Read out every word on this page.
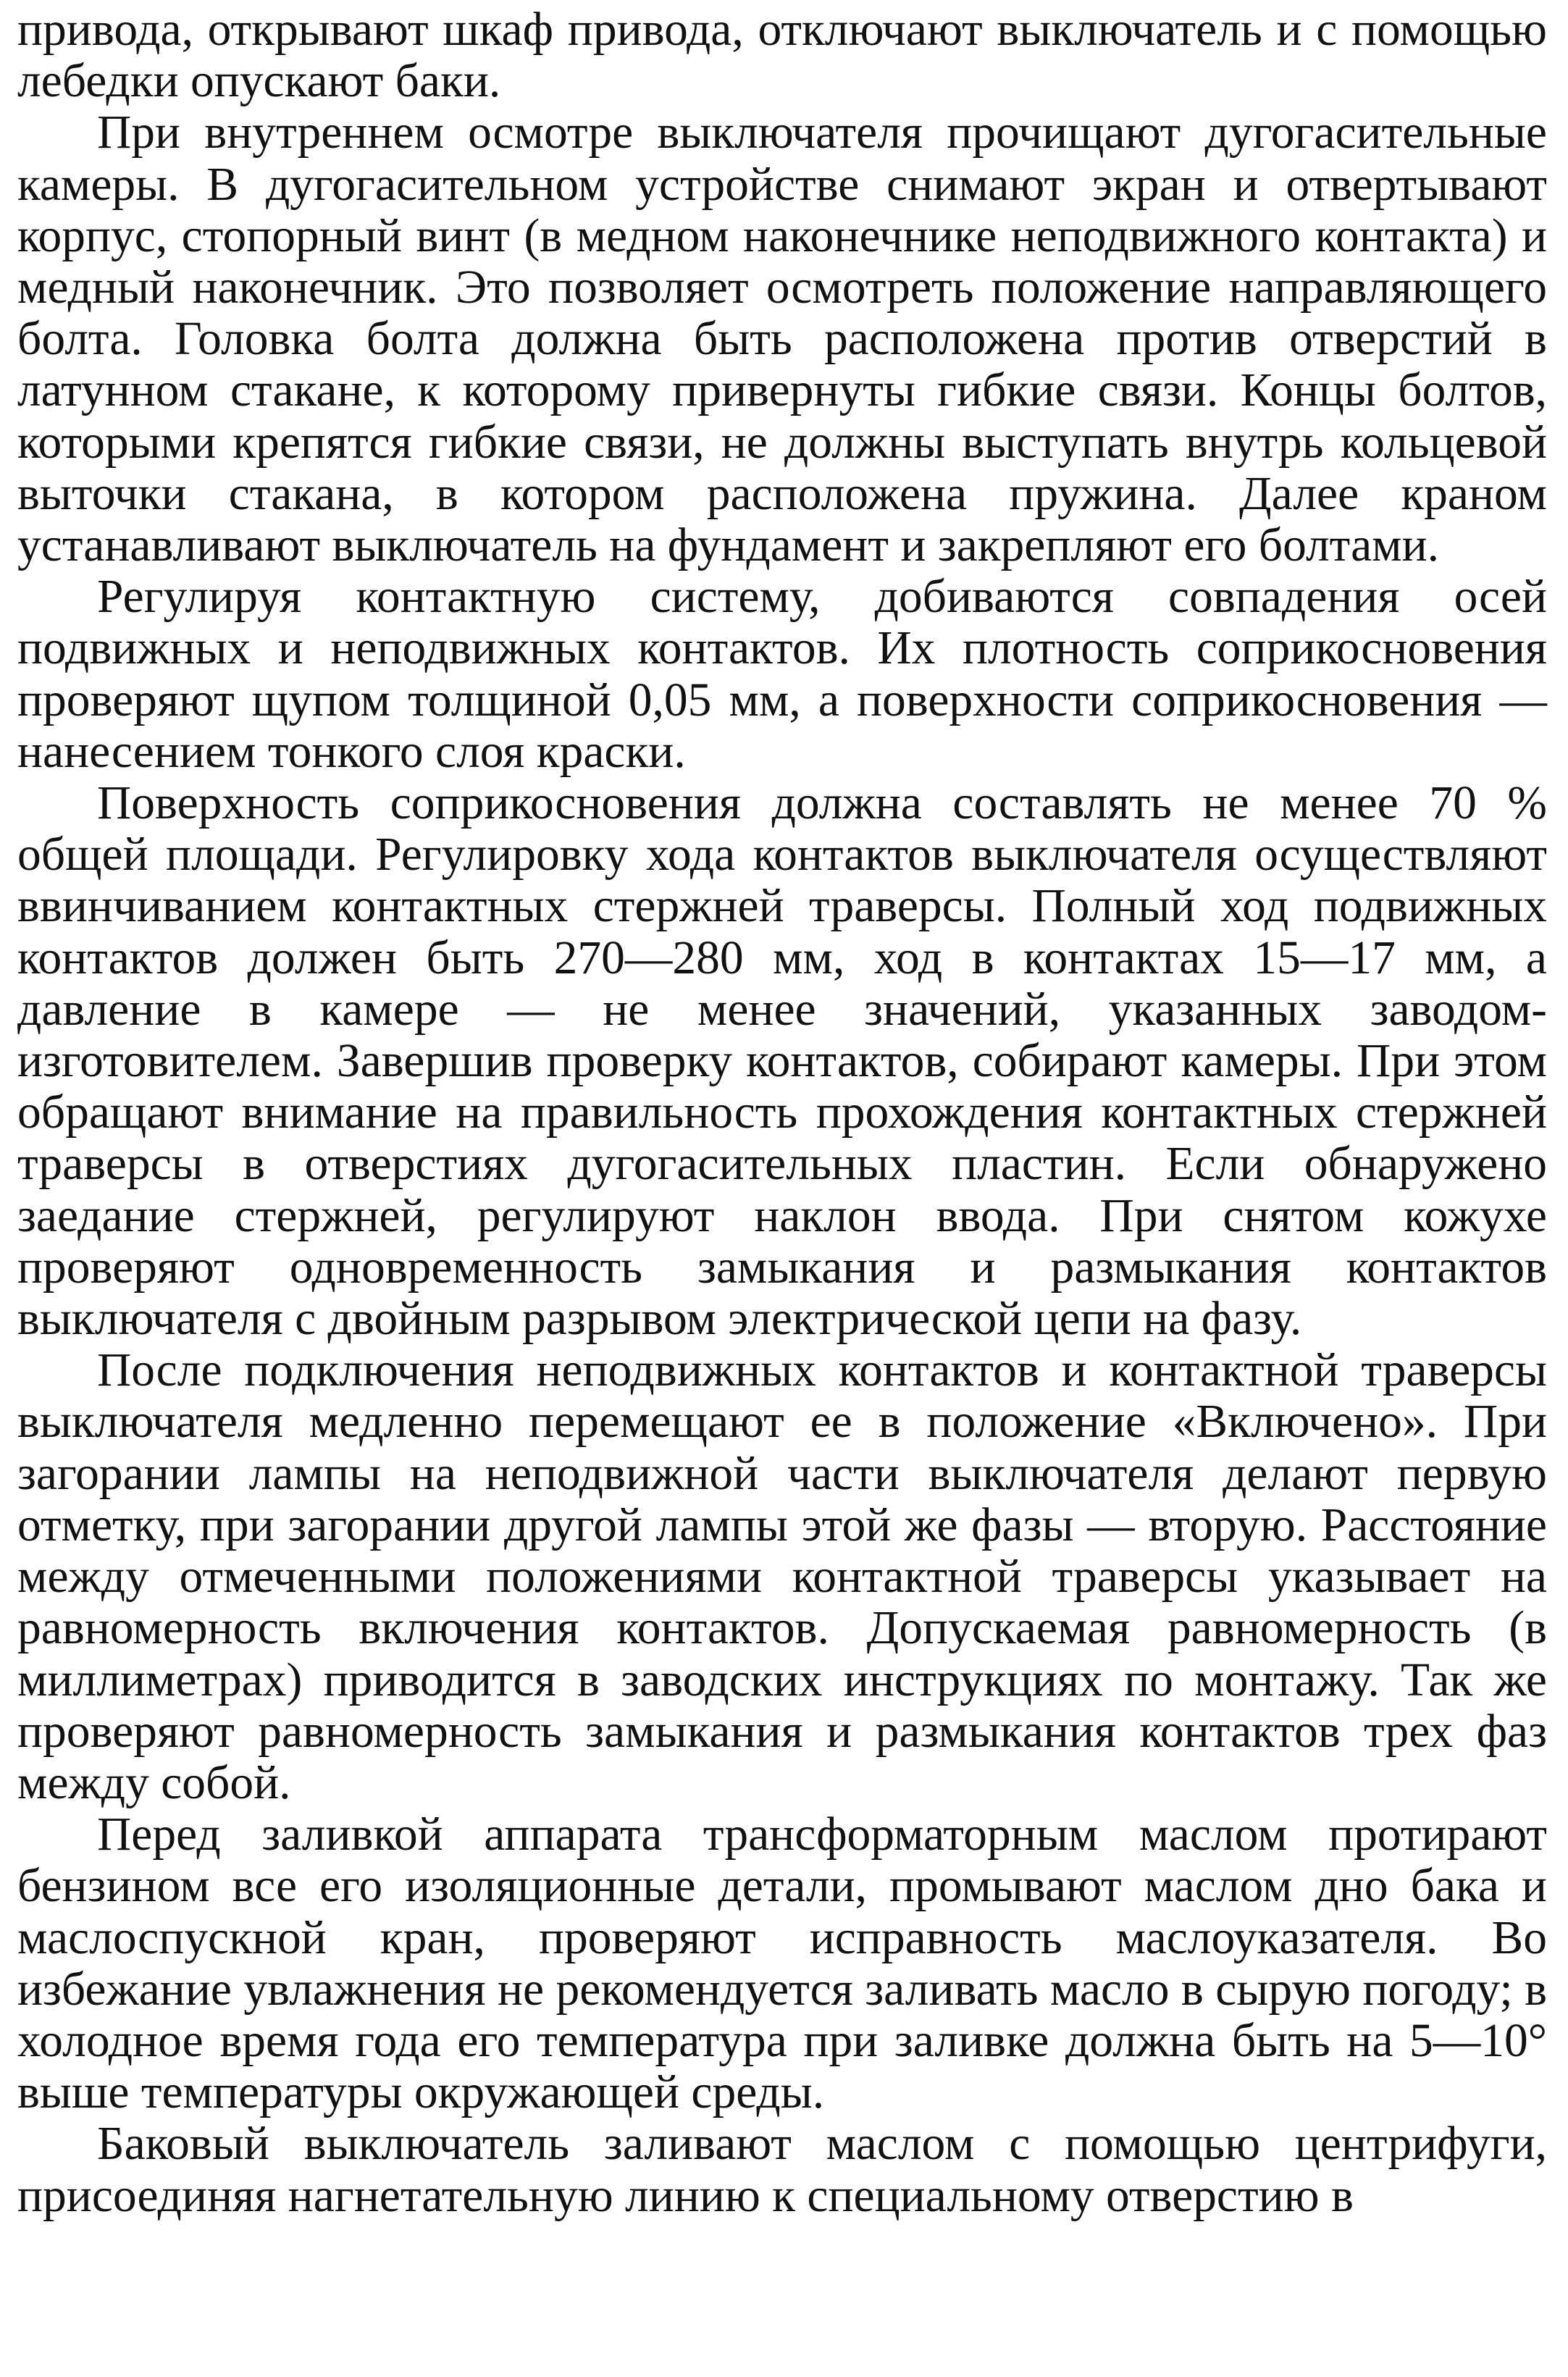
привода, открывают шкаф привода, отключают выключатель и с помощью лебедки опускают баки.

При внутреннем осмотре выключателя прочищают дугогасительные камеры. В дугогасительном устройстве снимают экран и отвертывают корпус, стопорный винт (в медном наконечнике неподвижного контакта) и медный наконечник. Это позволяет осмотреть положение направляющего болта. Головка болта должна быть расположена против отверстий в латунном стакане, к которому привернуты гибкие связи. Концы болтов, которыми крепятся гибкие связи, не должны выступать внутрь кольцевой выточки стакана, в котором расположена пружина. Далее краном устанавливают выключатель на фундамент и закрепляют его болтами.

Регулируя контактную систему, добиваются совпадения осей подвижных и неподвижных контактов. Их плотность соприкосновения проверяют щупом толщиной 0,05 мм, а поверхности соприкосновения — нанесением тонкого слоя краски.

Поверхность соприкосновения должна составлять не менее 70 % общей площади. Регулировку хода контактов выключателя осуществляют ввинчиванием контактных стержней траверсы. Полный ход подвижных контактов должен быть 270—280 мм, ход в контактах 15—17 мм, а давление в камере — не менее значений, указанных заводом-изготовителем. Завершив проверку контактов, собирают камеры. При этом обращают внимание на правильность прохождения контактных стержней траверсы в отверстиях дугогасительных пластин. Если обнаружено заедание стержней, регулируют наклон ввода. При снятом кожухе проверяют одновременность замыкания и размыкания контактов выключателя с двойным разрывом электрической цепи на фазу.

После подключения неподвижных контактов и контактной траверсы выключателя медленно перемещают ее в положение «Включено». При загорании лампы на неподвижной части выключателя делают первую отметку, при загорании другой лампы этой же фазы — вторую. Расстояние между отмеченными положениями контактной траверсы указывает на равномерность включения контактов. Допускаемая равномерность (в миллиметрах) приводится в заводских инструкциях по монтажу. Так же проверяют равномерность замыкания и размыкания контактов трех фаз между собой.

Перед заливкой аппарата трансформаторным маслом протирают бензином все его изоляционные детали, промывают маслом дно бака и маслоспускной кран, проверяют исправность маслоуказателя. Во избежание увлажнения не рекомендуется заливать масло в сырую погоду; в холодное время года его температура при заливке должна быть на 5—10° выше температуры окружающей среды.

Баковый выключатель заливают маслом с помощью центрифуги, присоединяя нагнетательную линию к специальному отверстию в
